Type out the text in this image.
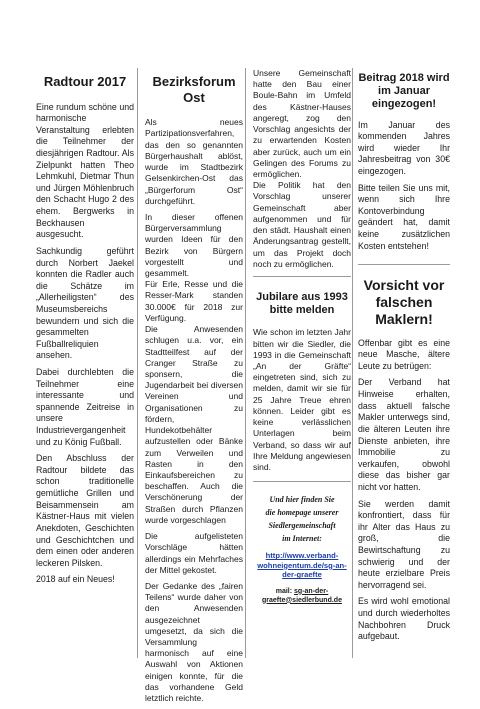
Radtour 2017

Eine rundum schöne und harmonische Veranstaltung erlebten die Teilnehmer der diesjährigen Radtour. Als Zielpunkt hatten Theo Lehmkuhl, Dietmar Thun und Jürgen Möhlenbruch den Schacht Hugo 2 des ehem. Bergwerks in Beckhausen ausgesucht.

Sachkundig geführt durch Norbert Jaekel konnten die Radler auch die Schätze im „Allerheiligsten“ des Museumsbereichs bewundern und sich die gesammelten Fußballreliquien ansehen.

Dabei durchlebten die Teilnehmer eine interessante und spannende Zeitreise in unsere Industrievergangenheit und zu König Fußball.

Den Abschluss der Radtour bildete das schon traditionelle gemütliche Grillen und Beisammensein am Kästner-Haus mit vielen Anekdoten, Geschichten und Geschichtchen und dem einen oder anderen leckeren Pilsken.

2018 auf ein Neues!

Bezirksforum Ost

Als neues Partizipationsverfahren, das den so genannten Bürgerhaushalt ablöst, wurde im Stadtbezirk Gelsenkirchen-Ost das „Bürgerforum Ost“ durchgeführt.

In dieser offenen Bürgerversammlung wurden Ideen für den Bezirk von Bürgern vorgestellt und gesammelt.

Für Erle, Resse und die Resser-Mark standen 30.000€ für 2018 zur Verfügung.

Die Anwesenden schlugen u.a. vor, ein Stadtteilfest auf der Cranger Straße zu sponsern, die Jugendarbeit bei diversen Vereinen und Organisationen zu fördern, Hundekotbehälter aufzustellen oder Bänke zum Verweilen und Rasten in den Einkaufsbereichen zu beschaffen. Auch die Verschönerung der Straßen durch Pflanzen wurde vorgeschlagen

Die aufgelisteten Vorschläge hätten allerdings ein Mehrfaches der Mittel gekostet.

Der Gedanke des „fairen Teilens“ wurde daher von den Anwesenden ausgezeichnet umgesetzt, da sich die Versammlung harmonisch auf eine Auswahl von Aktionen einigen konnte, für die das vorhandene Geld letztlich reichte.

Unsere Gemeinschaft hatte den Bau einer Boule-Bahn im Umfeld des Kästner-Hauses angeregt, zog den Vorschlag angesichts der zu erwartenden Kosten aber zurück, auch um ein Gelingen des Forums zu ermöglichen.

Die Politik hat den Vorschlag unserer Gemeinschaft aber aufgenommen und für den städt. Haushalt einen Änderungsantrag gestellt, um das Projekt doch noch zu ermöglichen.

Jubilare aus 1993 bitte melden

Wie schon im letzten Jahr bitten wir die Siedler, die 1993 in die Gemeinschaft „An der Gräfte“ eingetreten sind, sich zu melden, damit wir sie für 25 Jahre Treue ehren können. Leider gibt es keine verlässlichen Unterlagen beim Verband, so dass wir auf Ihre Meldung angewiesen sind.

Und hier finden Sie

die homepage unserer

Siedlergemeinschaft

im Internet:

http://www.verband-wohneigentum.de/sg-an-der-graefte

mail: sg-an-der-graefte@siedlerbund.de

Beitrag 2018 wird im Januar eingezogen!

Im Januar des kommenden Jahres wird wieder Ihr Jahresbeitrag von 30€ eingezogen.

Bitte teilen Sie uns mit, wenn sich Ihre Kontoverbindung geändert hat, damit keine zusätzlichen Kosten entstehen!

Vorsicht vor falschen Maklern!

Offenbar gibt es eine neue Masche, ältere Leute zu betrügen:

Der Verband hat Hinweise erhalten, dass aktuell falsche Makler unterwegs sind, die älteren Leuten ihre Dienste anbieten, ihre Immobilie zu verkaufen, obwohl diese das bisher gar nicht vor hatten.

Sie werden damit konfrontiert, dass für ihr Alter das Haus zu groß, die Bewirtschaftung zu schwierig und der heute erzielbare Preis hervorragend sei.

Es wird wohl emotional und durch wiederholtes Nachbohren Druck aufgebaut.
